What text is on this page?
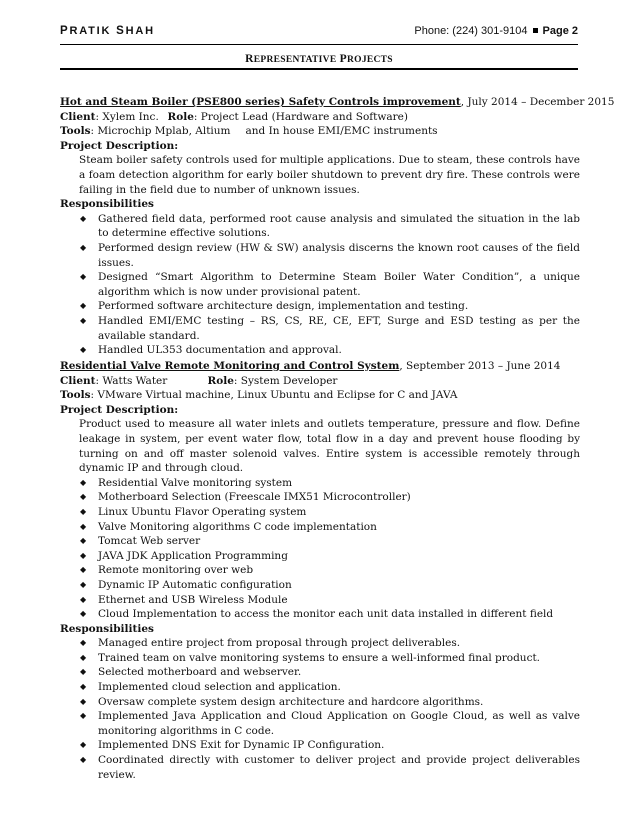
PRATIK SHAH	Phone: (224) 301-9104 Page 2
REPRESENTATIVE PROJECTS
Hot and Steam Boiler (PSE800 series) Safety Controls improvement, July 2014 – December 2015
Client: Xylem Inc. Role: Project Lead (Hardware and Software)
Tools: Microchip Mplab, Altium and In house EMI/EMC instruments
Project Description:
Steam boiler safety controls used for multiple applications. Due to steam, these controls have a foam detection algorithm for early boiler shutdown to prevent dry fire. These controls were failing in the field due to number of unknown issues.
Responsibilities
◆ Gathered field data, performed root cause analysis and simulated the situation in the lab to determine effective solutions.
◆ Performed design review (HW & SW) analysis discerns the known root causes of the field issues.
◆ Designed “Smart Algorithm to Determine Steam Boiler Water Condition”, a unique algorithm which is now under provisional patent.
◆ Performed software architecture design, implementation and testing.
◆ Handled EMI/EMC testing – RS, CS, RE, CE, EFT, Surge and ESD testing as per the available standard.
◆ Handled UL353 documentation and approval.
Residential Valve Remote Monitoring and Control System, September 2013 – June 2014
Client: Watts Water	Role: System Developer
Tools: VMware Virtual machine, Linux Ubuntu and Eclipse for C and JAVA
Project Description:
Product used to measure all water inlets and outlets temperature, pressure and flow. Define leakage in system, per event water flow, total flow in a day and prevent house flooding by turning on and off master solenoid valves. Entire system is accessible remotely through dynamic IP and through cloud.
◆ Residential Valve monitoring system
◆ Motherboard Selection (Freescale IMX51 Microcontroller)
◆ Linux Ubuntu Flavor Operating system
◆ Valve Monitoring algorithms C code implementation
◆ Tomcat Web server
◆ JAVA JDK Application Programming
◆ Remote monitoring over web
◆ Dynamic IP Automatic configuration
◆ Ethernet and USB Wireless Module
◆ Cloud Implementation to access the monitor each unit data installed in different field
Responsibilities
◆ Managed entire project from proposal through project deliverables.
◆ Trained team on valve monitoring systems to ensure a well-informed final product.
◆ Selected motherboard and webserver.
◆ Implemented cloud selection and application.
◆ Oversaw complete system design architecture and hardcore algorithms.
◆ Implemented Java Application and Cloud Application on Google Cloud, as well as valve monitoring algorithms in C code.
◆ Implemented DNS Exit for Dynamic IP Configuration.
◆ Coordinated directly with customer to deliver project and provide project deliverables review.
